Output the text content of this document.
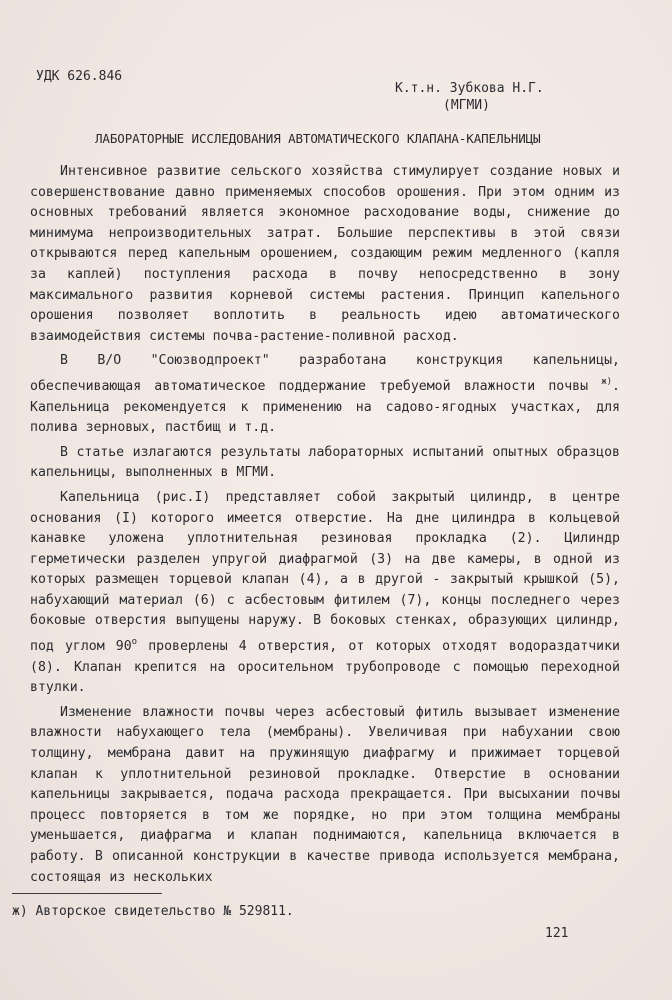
УДК 626.846
К.т.н. Зубкова Н.Г.
(МГМИ)
ЛАБОРАТОРНЫЕ ИССЛЕДОВАНИЯ АВТОМАТИЧЕСКОГО КЛАПАНА-КАПЕЛЬНИЦЫ

Интенсивное развитие сельского хозяйства стимулирует создание новых и совершенствование давно применяемых способов орошения. При этом одним из основных требований является экономное расходование воды, снижение до минимума непроизводительных затрат. Большие перспективы в этой связи открываются перед капельным орошением, создающим режим медленного (капля за каплей) поступления расхода в почву непосредственно в зону максимального развития корневой системы растения. Принцип капельного орошения позволяет воплотить в реальность идею автоматического взаимодействия системы почва-растение-поливной расход.

В В/О "Союзводпроект" разработана конструкция капельницы, обеспечивающая автоматическое поддержание требуемой влажности почвы $^{ж)}$. Капельница рекомендуется к применению на садово-ягодных участках, для полива зерновых, пастбищ и т.д.

В статье излагаются результаты лабораторных испытаний опытных образцов капельницы, выполненных в МГМИ.

Капельница (рис.I) представляет собой закрытый цилиндр, в центре основания (I) которого имеется отверстие. На дне цилиндра в кольцевой канавке уложена уплотнительная резиновая прокладка (2). Цилиндр герметически разделен упругой диафрагмой (3) на две камеры, в одной из которых размещен торцевой клапан (4), а в другой - закрытый крышкой (5), набухающий материал (6) с асбестовым фитилем (7), концы последнего через боковые отверстия выпущены наружу. В боковых стенках, образующих цилиндр, под углом $90^о$ проверлены 4 отверстия, от которых отходят водораздатчики (8). Клапан крепится на оросительном трубопроводе с помощью переходной втулки.

Изменение влажности почвы через асбестовый фитиль вызывает изменение влажности набухающего тела (мембраны). Увеличивая при набухании свою толщину, мембрана давит на пружинящую диафрагму и прижимает торцевой клапан к уплотнительной резиновой прокладке. Отверстие в основании капельницы закрывается, подача расхода прекращается. При высыхании почвы процесс повторяется в том же порядке, но при этом толщина мембраны уменьшается, диафрагма и клапан поднимаются, капельница включается в работу. В описанной конструкции в качестве привода используется мембрана, состоящая из нескольких

ж) Авторское свидетельство № 529811.
121
